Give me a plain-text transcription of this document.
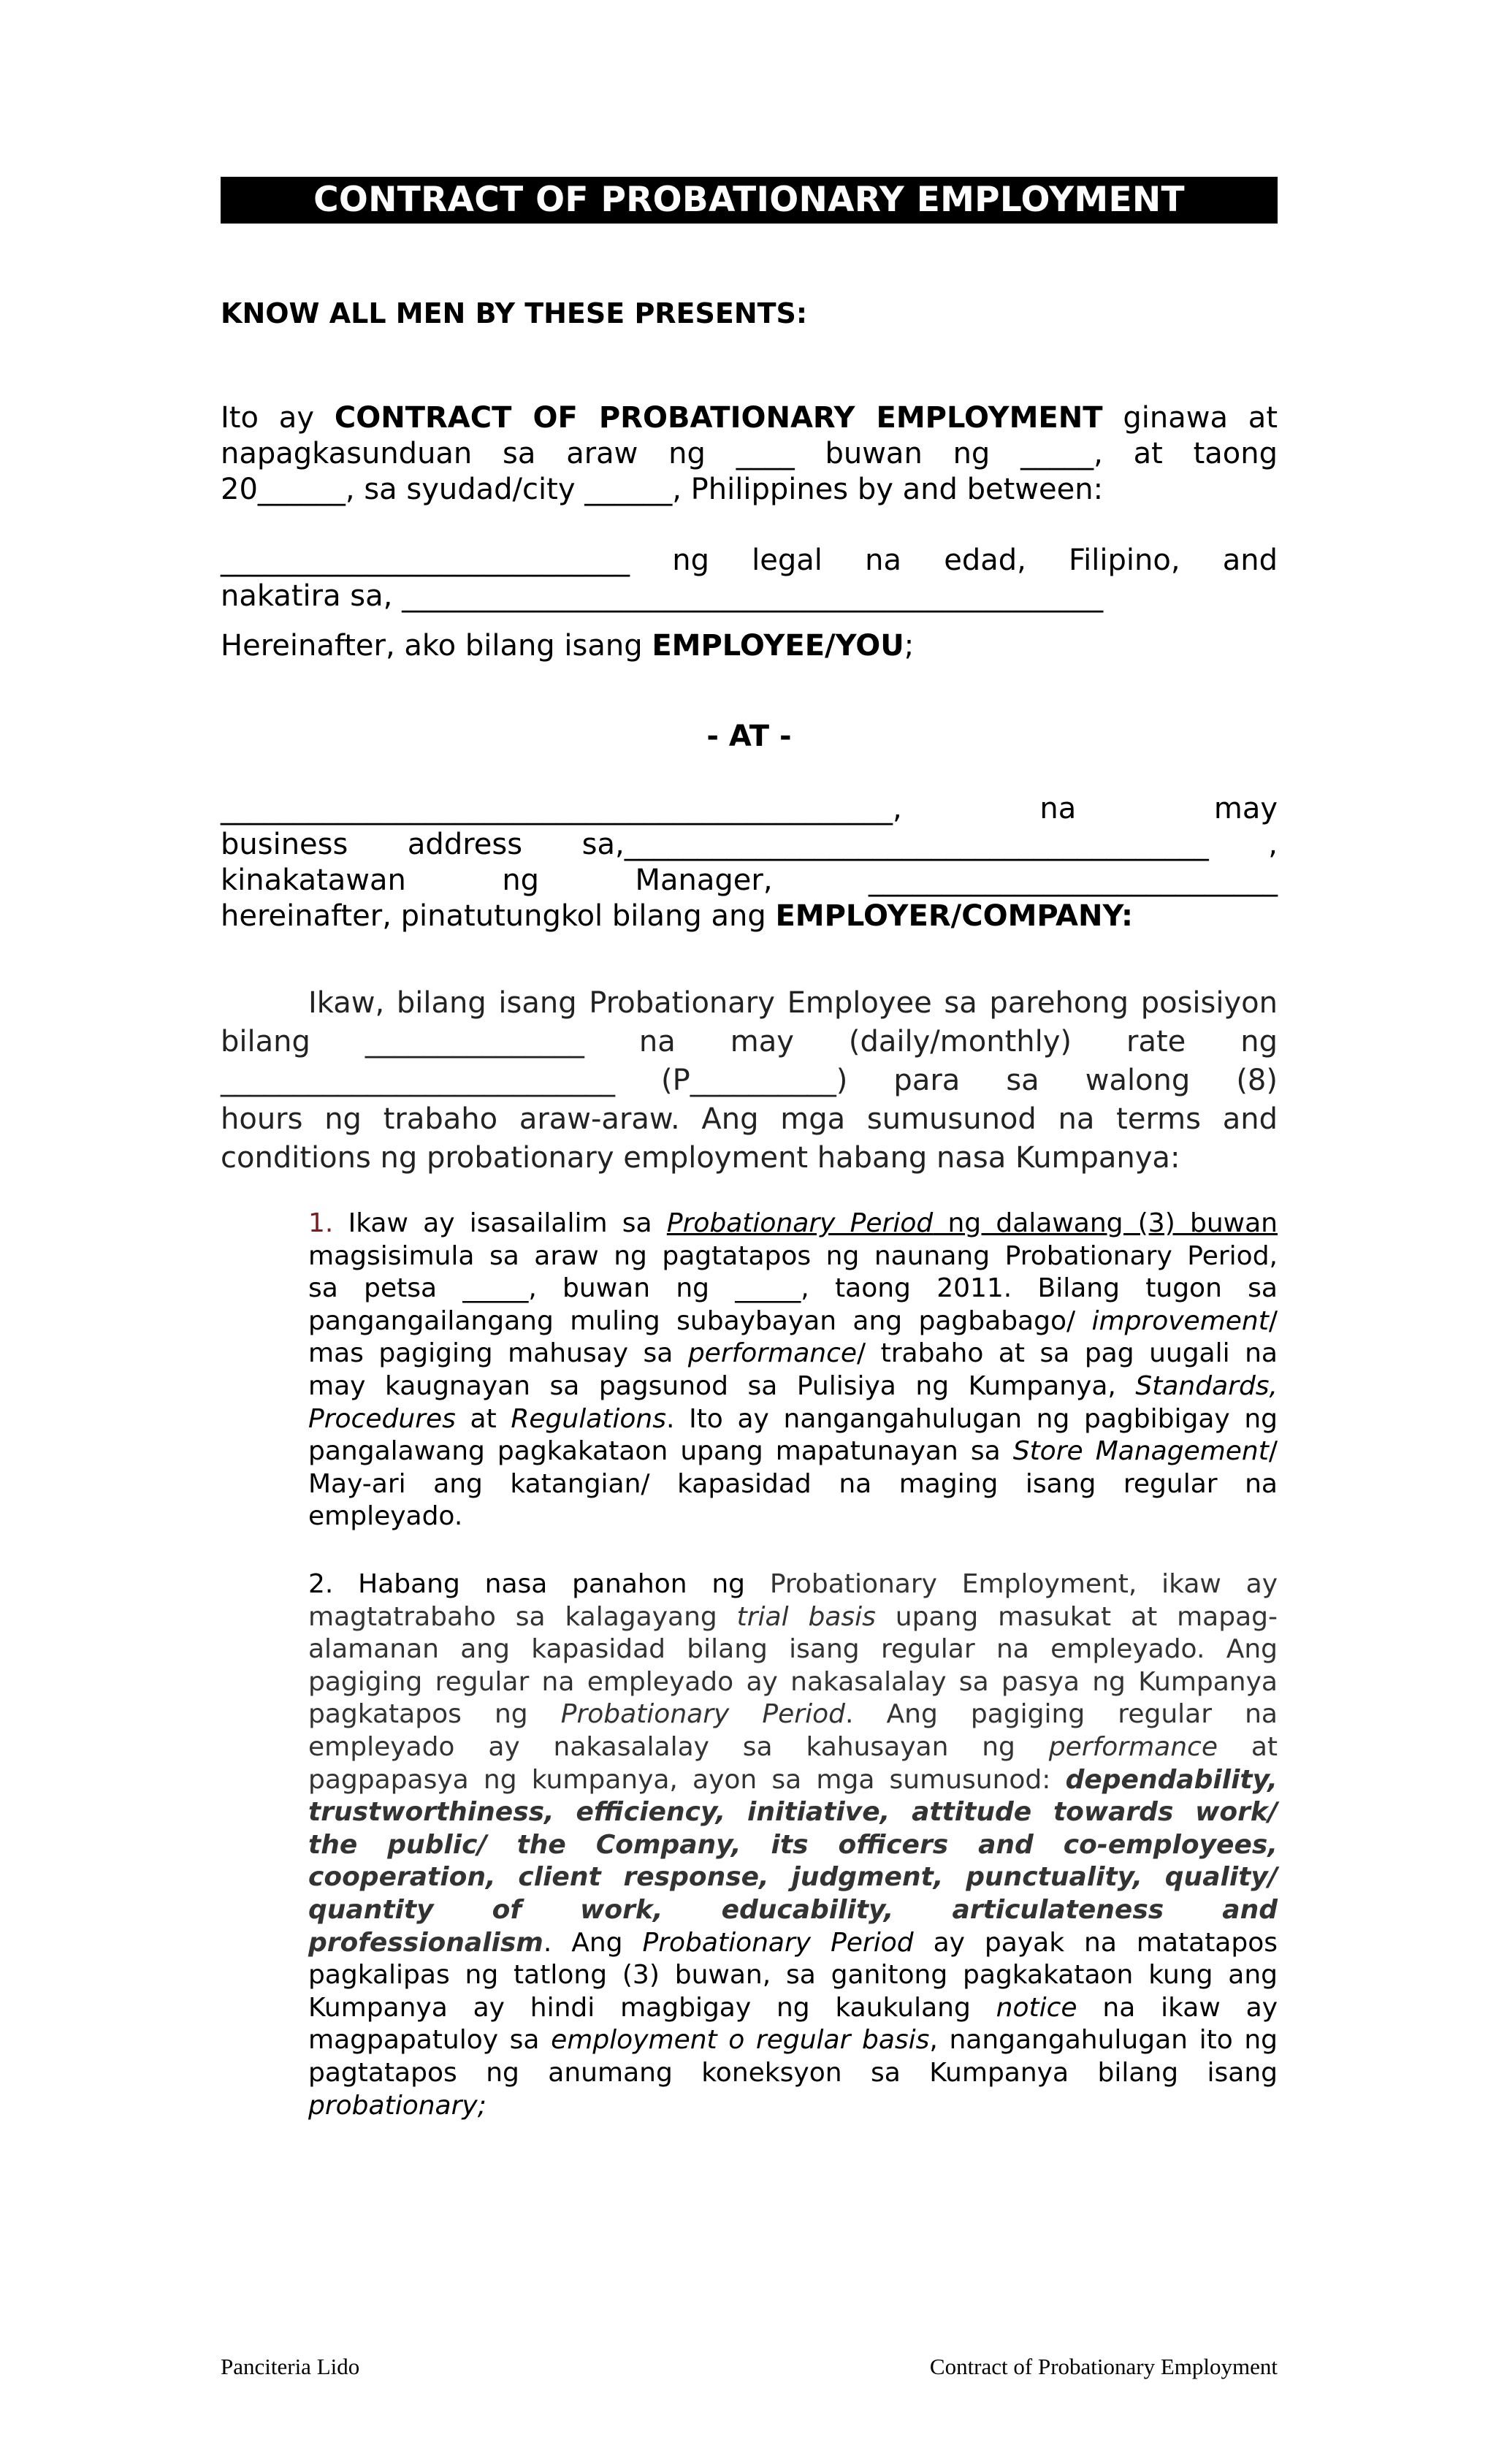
CONTRACT OF PROBATIONARY EMPLOYMENT
KNOW ALL MEN BY THESE PRESENTS:
Ito ay CONTRACT OF PROBATIONARY EMPLOYMENT ginawa at
napagkasunduan sa araw ng ____ buwan ng _____, at taong
20______, sa syudad/city ______, Philippines by and between:
____________________________ ng legal na edad, Filipino, and
nakatira sa, ________________________________________________
Hereinafter, ako bilang isang EMPLOYEE/YOU;
- AT -
______________________________________________, na may
business address sa,________________________________________ ,
kinakatawan ng Manager, ____________________________
hereinafter, pinatutungkol bilang ang EMPLOYER/COMPANY:
Ikaw, bilang isang Probationary Employee sa parehong posisiyon
bilang _______________ na may (daily/monthly) rate ng
___________________________ (P__________) para sa walong (8)
hours ng trabaho araw-araw. Ang mga sumusunod na terms and
conditions ng probationary employment habang nasa Kumpanya:
1. Ikaw ay isasailalim sa Probationary Period ng dalawang (3) buwan
magsisimula sa araw ng pagtatapos ng naunang Probationary Period,
sa petsa _____, buwan ng _____, taong 2011. Bilang tugon sa
pangangailangang muling subaybayan ang pagbabago/ improvement/
mas pagiging mahusay sa performance/ trabaho at sa pag uugali na
may kaugnayan sa pagsunod sa Pulisiya ng Kumpanya, Standards,
Procedures at Regulations. Ito ay nangangahulugan ng pagbibigay ng
pangalawang pagkakataon upang mapatunayan sa Store Management/
May-ari ang katangian/ kapasidad na maging isang regular na
empleyado.
2. Habang nasa panahon ng Probationary Employment, ikaw ay
magtatrabaho sa kalagayang trial basis upang masukat at mapag-
alamanan ang kapasidad bilang isang regular na empleyado. Ang
pagiging regular na empleyado ay nakasalalay sa pasya ng Kumpanya
pagkatapos ng Probationary Period. Ang pagiging regular na
empleyado ay nakasalalay sa kahusayan ng performance at
pagpapasya ng kumpanya, ayon sa mga sumusunod: dependability,
trustworthiness, efficiency, initiative, attitude towards work/
the public/ the Company, its officers and co-employees,
cooperation, client response, judgment, punctuality, quality/
quantity of work, educability, articulateness and
professionalism. Ang Probationary Period ay payak na matatapos
pagkalipas ng tatlong (3) buwan, sa ganitong pagkakataon kung ang
Kumpanya ay hindi magbigay ng kaukulang notice na ikaw ay
magpapatuloy sa employment o regular basis, nangangahulugan ito ng
pagtatapos ng anumang koneksyon sa Kumpanya bilang isang
probationary;
Panciteria Lido	Contract of Probationary Employment
